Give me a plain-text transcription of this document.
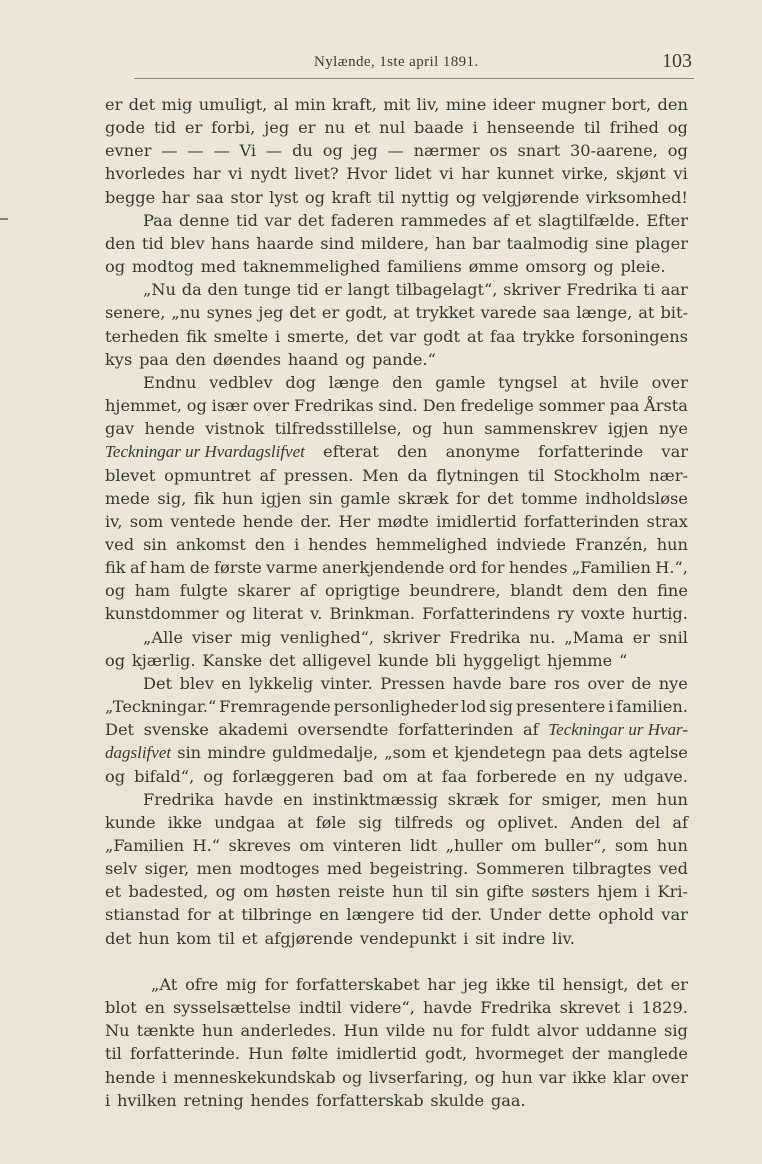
Nylænde, 1ste april 1891.	103
er det mig umuligt, al min kraft, mit liv, mine ideer mugner bort, den
gode tid er forbi, jeg er nu et nul baade i henseende til frihed og
evner — — — Vi — du og jeg — nærmer os snart 30-aarene, og
hvorledes har vi nydt livet? Hvor lidet vi har kunnet virke, skjønt vi
begge har saa stor lyst og kraft til nyttig og velgjørende virksomhed!
Paa denne tid var det faderen rammedes af et slagtilfælde. Efter
den tid blev hans haarde sind mildere, han bar taalmodig sine plager
og modtog med taknemmelighed familiens ømme omsorg og pleie.
„Nu da den tunge tid er langt tilbagelagt“, skriver Fredrika ti aar
senere, „nu synes jeg det er godt, at trykket varede saa længe, at bit-
terheden fik smelte i smerte, det var godt at faa trykke forsoningens
kys paa den døendes haand og pande.“
Endnu vedblev dog længe den gamle tyngsel at hvile over
hjemmet, og især over Fredrikas sind. Den fredelige sommer paa Årsta
gav hende vistnok tilfredsstillelse, og hun sammenskrev igjen nye
Teckningar ur Hvardagslifvet efterat den anonyme forfatterinde var
blevet opmuntret af pressen. Men da flytningen til Stockholm nær-
mede sig, fik hun igjen sin gamle skræk for det tomme indholdsløse
iv, som ventede hende der. Her mødte imidlertid forfatterinden strax
ved sin ankomst den i hendes hemmelighed indviede Franzén, hun
fik af ham de første varme anerkjendende ord for hendes „Familien H.“,
og ham fulgte skarer af oprigtige beundrere, blandt dem den fine
kunstdommer og literat v. Brinkman. Forfatterindens ry voxte hurtig.
„Alle viser mig venlighed“, skriver Fredrika nu. „Mama er snil
og kjærlig. Kanske det alligevel kunde bli hyggeligt hjemme “
Det blev en lykkelig vinter. Pressen havde bare ros over de nye
„Teckningar.“ Fremragende personligheder lod sig presentere i familien.
Det svenske akademi oversendte forfatterinden af Teckningar ur Hvar-
dagslifvet sin mindre guldmedalje, „som et kjendetegn paa dets agtelse
og bifald“, og forlæggeren bad om at faa forberede en ny udgave.
Fredrika havde en instinktmæssig skræk for smiger, men hun
kunde ikke undgaa at føle sig tilfreds og oplivet. Anden del af
„Familien H.“ skreves om vinteren lidt „huller om buller“, som hun
selv siger, men modtoges med begeistring. Sommeren tilbragtes ved
et badested, og om høsten reiste hun til sin gifte søsters hjem i Kri-
stianstad for at tilbringe en længere tid der. Under dette ophold var
det hun kom til et afgjørende vendepunkt i sit indre liv.
„At ofre mig for forfatterskabet har jeg ikke til hensigt, det er
blot en sysselsættelse indtil videre“, havde Fredrika skrevet i 1829.
Nu tænkte hun anderledes. Hun vilde nu for fuldt alvor uddanne sig
til forfatterinde. Hun følte imidlertid godt, hvormeget der manglede
hende i menneskekundskab og livserfaring, og hun var ikke klar over
i hvilken retning hendes forfatterskab skulde gaa.
